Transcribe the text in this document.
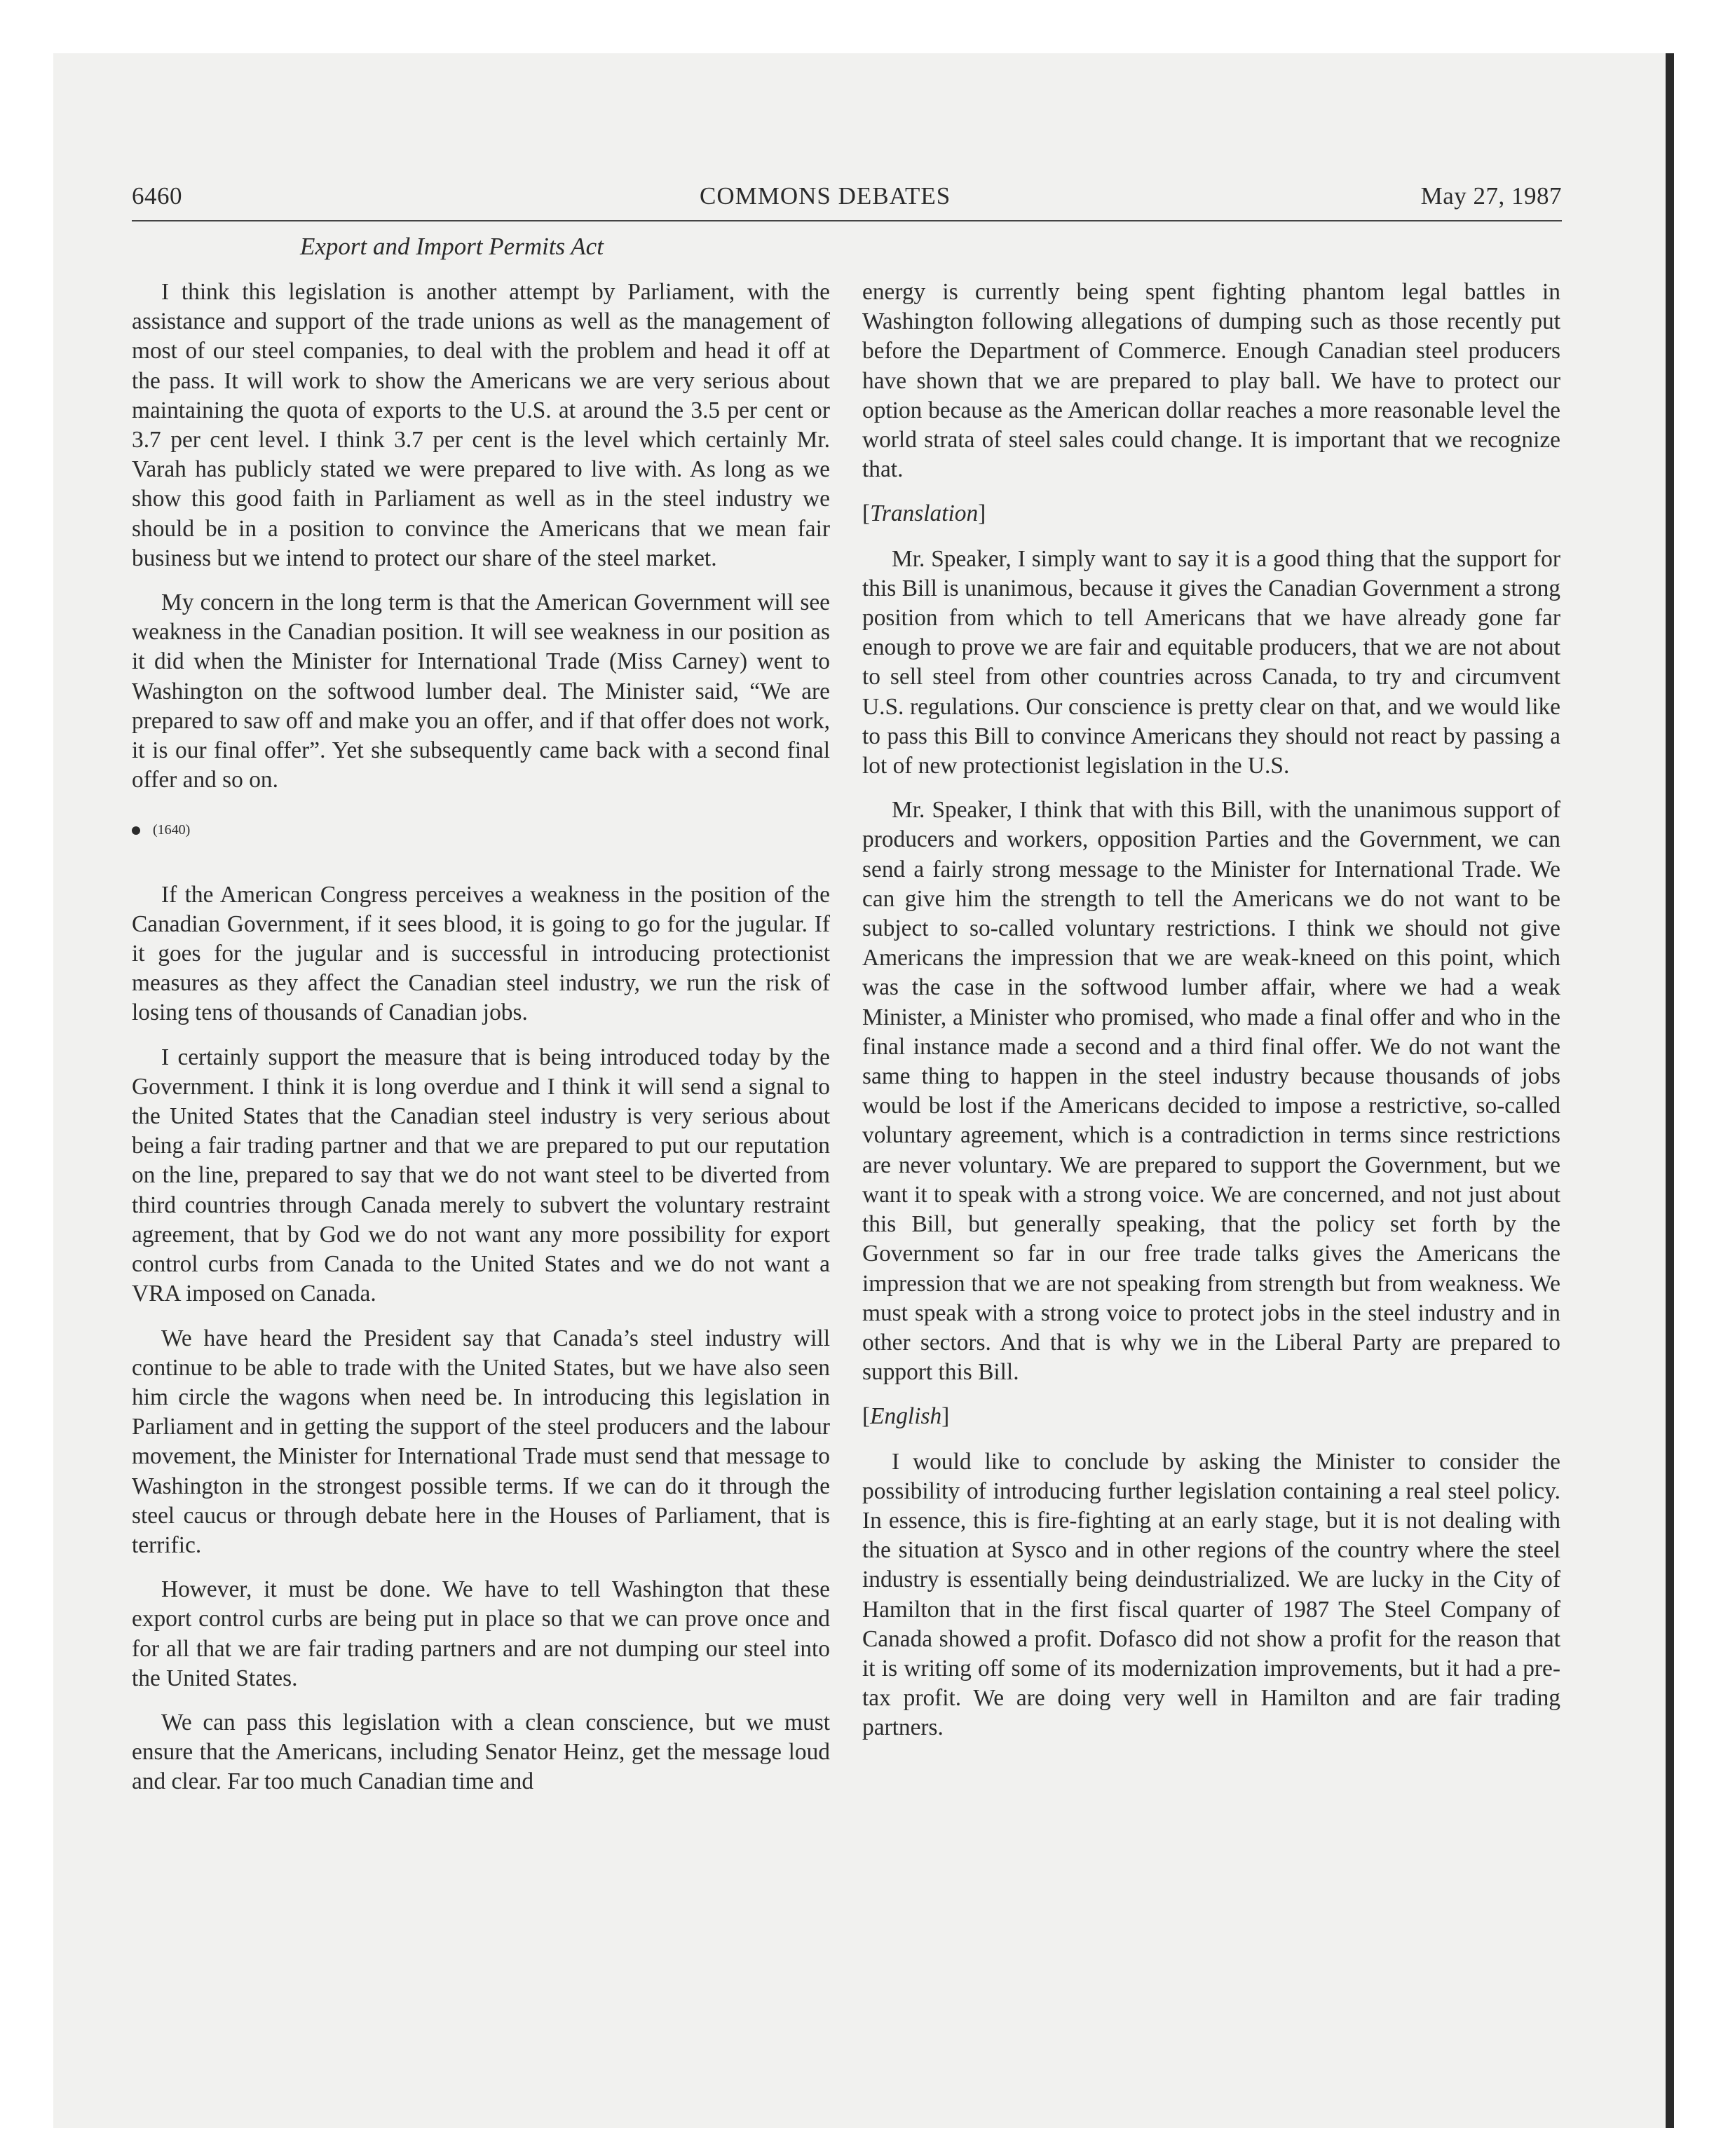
6460	COMMONS DEBATES	May 27, 1987
Export and Import Permits Act

I think this legislation is another attempt by Parliament, with the assistance and support of the trade unions as well as the management of most of our steel companies, to deal with the problem and head it off at the pass. It will work to show the Americans we are very serious about maintaining the quota of exports to the U.S. at around the 3.5 per cent or 3.7 per cent level. I think 3.7 per cent is the level which certainly Mr. Varah has publicly stated we were prepared to live with. As long as we show this good faith in Parliament as well as in the steel industry we should be in a position to convince the Americans that we mean fair business but we intend to protect our share of the steel market.

My concern in the long term is that the American Government will see weakness in the Canadian position. It will see weakness in our position as it did when the Minister for International Trade (Miss Carney) went to Washington on the softwood lumber deal. The Minister said, “We are prepared to saw off and make you an offer, and if that offer does not work, it is our final offer”. Yet she subsequently came back with a second final offer and so on.

(1640)

If the American Congress perceives a weakness in the position of the Canadian Government, if it sees blood, it is going to go for the jugular. If it goes for the jugular and is successful in introducing protectionist measures as they affect the Canadian steel industry, we run the risk of losing tens of thousands of Canadian jobs.

I certainly support the measure that is being introduced today by the Government. I think it is long overdue and I think it will send a signal to the United States that the Canadian steel industry is very serious about being a fair trading partner and that we are prepared to put our reputation on the line, prepared to say that we do not want steel to be diverted from third countries through Canada merely to subvert the voluntary restraint agreement, that by God we do not want any more possibility for export control curbs from Canada to the United States and we do not want a VRA imposed on Canada.

We have heard the President say that Canada’s steel industry will continue to be able to trade with the United States, but we have also seen him circle the wagons when need be. In introducing this legislation in Parliament and in getting the support of the steel producers and the labour movement, the Minister for International Trade must send that message to Washington in the strongest possible terms. If we can do it through the steel caucus or through debate here in the Houses of Parliament, that is terrific.

However, it must be done. We have to tell Washington that these export control curbs are being put in place so that we can prove once and for all that we are fair trading partners and are not dumping our steel into the United States.

We can pass this legislation with a clean conscience, but we must ensure that the Americans, including Senator Heinz, get the message loud and clear. Far too much Canadian time and

energy is currently being spent fighting phantom legal battles in Washington following allegations of dumping such as those recently put before the Department of Commerce. Enough Canadian steel producers have shown that we are prepared to play ball. We have to protect our option because as the American dollar reaches a more reasonable level the world strata of steel sales could change. It is important that we recognize that.

[Translation]

Mr. Speaker, I simply want to say it is a good thing that the support for this Bill is unanimous, because it gives the Canadian Government a strong position from which to tell Americans that we have already gone far enough to prove we are fair and equitable producers, that we are not about to sell steel from other countries across Canada, to try and circumvent U.S. regulations. Our conscience is pretty clear on that, and we would like to pass this Bill to convince Americans they should not react by passing a lot of new protectionist legislation in the U.S.

Mr. Speaker, I think that with this Bill, with the unanimous support of producers and workers, opposition Parties and the Government, we can send a fairly strong message to the Minister for International Trade. We can give him the strength to tell the Americans we do not want to be subject to so-called voluntary restrictions. I think we should not give Americans the impression that we are weak-kneed on this point, which was the case in the softwood lumber affair, where we had a weak Minister, a Minister who promised, who made a final offer and who in the final instance made a second and a third final offer. We do not want the same thing to happen in the steel industry because thousands of jobs would be lost if the Americans decided to impose a restrictive, so-called voluntary agreement, which is a contradiction in terms since restrictions are never voluntary. We are prepared to support the Government, but we want it to speak with a strong voice. We are concerned, and not just about this Bill, but generally speaking, that the policy set forth by the Government so far in our free trade talks gives the Americans the impression that we are not speaking from strength but from weakness. We must speak with a strong voice to protect jobs in the steel industry and in other sectors. And that is why we in the Liberal Party are prepared to support this Bill.

[English]

I would like to conclude by asking the Minister to consider the possibility of introducing further legislation containing a real steel policy. In essence, this is fire-fighting at an early stage, but it is not dealing with the situation at Sysco and in other regions of the country where the steel industry is essentially being deindustrialized. We are lucky in the City of Hamilton that in the first fiscal quarter of 1987 The Steel Company of Canada showed a profit. Dofasco did not show a profit for the reason that it is writing off some of its modernization improvements, but it had a pre-tax profit. We are doing very well in Hamilton and are fair trading partners.
